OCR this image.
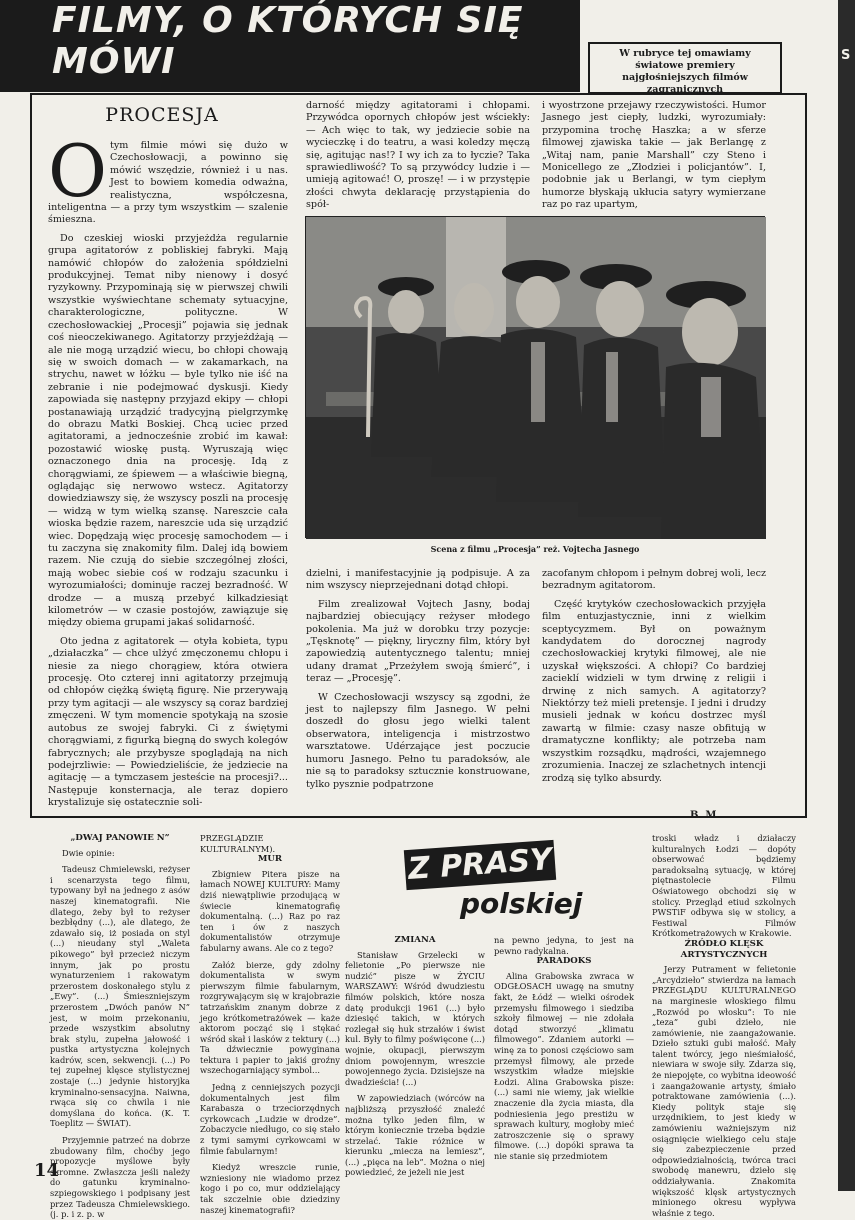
FILMY, O KTÓRYCH SIĘ MÓWI	W rubryce tej omawiamy światowe premiery najgłośniejszych filmów zagranicznych
S
PROCESJA
O tym filmie mówi się dużo w Czechosłowacji, a powinno się mówić wszędzie, również i u nas. Jest to bowiem komedia odważna, realistyczna, współczesna, inteligentna — a przy tym wszystkim — szalenie śmieszna.

Do czeskiej wioski przyjeżdża regularnie grupa agitatorów z pobliskiej fabryki. Mają namówić chłopów do założenia spółdzielni produkcyjnej. Temat niby nienowy i dosyć ryzykowny. Przypominają się w pierwszej chwili wszystkie wyświechtane schematy sytuacyjne, charakterologiczne, polityczne. W czechosłowackiej „Procesji” pojawia się jednak coś nieoczekiwanego. Agitatorzy przyjeżdżają — ale nie mogą urządzić wiecu, bo chłopi chowają się w swoich domach — w zakamarkach, na strychu, nawet w łóżku — byle tylko nie iść na zebranie i nie podejmować dyskusji. Kiedy zapowiada się następny przyjazd ekipy — chłopi postanawiają urządzić tradycyjną pielgrzymkę do obrazu Matki Boskiej. Chcą uciec przed agitatorami, a jednocześnie zrobić im kawał: pozostawić wioskę pustą. Wyruszają więc oznaczonego dnia na procesję. Idą z chorągwiami, ze śpiewem — a właściwie biegną, oglądając się nerwowo wstecz. Agitatorzy dowiedziawszy się, że wszyscy poszli na procesję — widzą w tym wielką szansę. Nareszcie cała wioska będzie razem, nareszcie uda się urządzić wiec. Dopędzają więc procesję samochodem — i tu zaczyna się znakomity film. Dalej idą bowiem razem. Nie czują do siebie szczególnej złości, mają wobec siebie coś w rodzaju szacunku i wyrozumiałości; dominuje raczej bezradność. W drodze — a muszą przebyć kilkadziesiąt kilometrów — w czasie postojów, zawiązuje się między obiema grupami jakaś solidarność.

Oto jedna z agitatorek — otyła kobieta, typu „działaczka” — chce ulżyć zmęczonemu chłopu i niesie za niego chorągiew, która otwiera procesję. Oto czterej inni agitatorzy przejmują od chłopów ciężką świętą figurę. Nie przerywają przy tym agitacji — ale wszyscy są coraz bardziej zmęczeni. W tym momencie spotykają na szosie autobus ze swojej fabryki. Ci z świętymi chorągwiami, z figurką biegną do swych kolegów fabrycznych; ale przybysze spoglądają na nich podejrzliwie: — Powiedzieliście, że jedziecie na agitację — a tymczasem jesteście na procesji?... Następuje konsternacja, ale teraz dopiero krystalizuje się ostatecznie soli-

darność między agitatorami i chłopami. Przywódca opornych chłopów jest wściekły: — Ach więc to tak, wy jedziecie sobie na wycieczkę i do teatru, a wasi koledzy męczą się, agitując nas!? I wy ich za to łyczie? Taka sprawiedliwość? To są przywódcy ludzie i — umieją agitować! O, proszę! — i w przystępie złości chwyta deklarację przystąpienia do spół-

i wyostrzone przejawy rzeczywistości. Humor Jasnego jest ciepły, ludzki, wyrozumiały: przypomina trochę Haszka; a w sferze filmowej zjawiska takie — jak Berlangę z „Witaj nam, panie Marshall” czy Steno i Monicellego ze „Złodziei i policjantów”. I, podobnie jak u Berlangi, w tym ciepłym humorze błyskają ukłucia satyry wymierzane raz po raz upartym,

Scena z filmu „Procesja” reż. Vojtecha Jasnego

dzielni, i manifestacyjnie ją podpisuje. A za nim wszyscy nieprzejednani dotąd chłopi.

Film zrealizował Vojtech Jasny, bodaj najbardziej obiecujący reżyser młodego pokolenia. Ma już w dorobku trzy pozycje: „Tęsknotę” — piękny, liryczny film, który był zapowiedzią autentycznego talentu; mniej udany dramat „Przeżyłem swoją śmierć”, i teraz — „Procesję”.

W Czechosłowacji wszyscy są zgodni, że jest to najlepszy film Jasnego. W pełni doszedł do głosu jego wielki talent obserwatora, inteligencja i mistrzostwo warsztatowe. Udérzające jest poczucie humoru Jasnego. Pełno tu paradoksów, ale nie są to paradoksy sztucznie konstruowane, tylko pysznie podpatrzone

zacofanym chłopom i pełnym dobrej woli, lecz bezradnym agitatorom.

Część krytyków czechosłowackich przyjęła film entuzjastycznie, inni z wielkim sceptycyzmem. Był on poważnym kandydatem do dorocznej nagrody czechosłowackiej krytyki filmowej, ale nie uzyskał większości. A chłopi? Co bardziej zacieklí widzieli w tym drwinę z religii i drwinę z nich samych. A agitatorzy? Niektórzy też mieli pretensje. I jedni i drudzy musieli jednak w końcu dostrzec myśl zawartą w filmie: czasy nasze obfitują w dramatyczne konflikty; ale potrzeba nam wszystkim rozsądku, mądrości, wzajemnego zrozumienia. Inaczej ze szlachetnych intencji zrodzą się tylko absurdy.

B. M.
Z PRASY
polskiej
„DWAJ PANOWIE N”

Dwie opinie:

Tadeusz Chmielewski, reżyser i scenarzysta tego filmu, typowany był na jednego z asów naszej kinematografii. Nie dlatego, żeby był to reżyser bezbłędny (...), ale dlatego, że zdawało się, iż posiada on styl (...) nieudany styl „Waleta pikowego” był przecież niczym innym, jak po prostu wynaturzeniem i rakowatym przerostem doskonałego stylu z „Ewy”. (...) Śmieszniejszym przerostem „Dwóch panów N” jest, w moim przekonaniu, przede wszystkim absolutny brak stylu, zupełna jałowość i pustka artystyczna kolejnych kadrów, scen, sekwencji. (...) Po tej zupełnej klęsce stylistycznej zostaje (...) jedynie historyjka kryminalno-sensacyjna. Naiwna, rwąca się co chwila i nie domyślana do końca. (K. T. Toeplitz — ŚWIAT).

Przyjemnie patrzeć na dobrze zbudowany film, choćby jego propozycje myślowe były skromne. Zwłaszcza jeśli należy do gatunku kryminalno-szpiegowskiego i podpisany jest przez Tadeusza Chmielewskiego. (j. p. i z. p. w

PRZEGLĄDZIE KULTURALNYM).

MUR

Zbigniew Pitera pisze na łamach NOWEJ KULTURY: Mamy dziś niewątpliwie przodującą w świecie kinematografię dokumentalną. (...) Raz po raz ten i ów z naszych dokumentalistów otrzymuje fabularny awans. Ale co z tego?

Załóż bierze, gdy zdolny dokumentalista w swym pierwszym filmie fabularnym, rozgrywającym się w krajobrazie tatrzańskim znanym dobrze z jego krótkometrażówek — każe aktorom począć się i stękać wśród skał i lasków z tektury (...) Ta dźwiecznie powyginana tektura i papier to jakiś groźny wszechogarniający symbol...

Jedną z cenniejszych pozycji dokumentalnych jest film Karabasza o trzeciorzędnych cyrkowcach „Ludzie w drodze”. Zobaczycie niedługo, co się stało z tymi samymi cyrkowcami w filmie fabularnym!

Kiedyż wreszcie runie, wzniesiony nie wiadomo przez kogo i po co, mur oddzielający tak szczelnie obie dziedziny naszej kinematografii?

ZMIANA

Stanisław Grzelecki w felietonie „Po pierwsze nie nudzić” pisze w ŻYCIU WARSZAWY: Wśród dwudziestu filmów polskich, które nosza datę produkcji 1961 (...) było dziesięć takich, w których rozlegał się huk strzałów i świst kul. Były to filmy poświęcone (...) wojnie, okupacji, pierwszym dniom powojennym, wreszcie powojennego życia. Dzisiejsze na dwadzieścia! (...)

W zapowiedziach (wórców na najbliższą przyszłość znaleźć można tylko jeden film, w którym koniecznie trzeba będzie strzelać. Takie różnice w kierunku „miecza na lemiesz”, (...) „pięca na leb”. Można o niej powiedzieć, że jeżeli nie jest

na pewno jedyna, to jest na pewno radykalna.

PARADOKS

Alina Grabowska zwraca w ODGŁOSACH uwagę na smutny fakt, że Łódź — wielki ośrodek przemysłu filmowego i siedziba szkoły filmowej — nie zdołała dotąd stworzyć „klimatu filmowego”. Zdaniem autorki — winę za to ponosi częściowo sam przemysł filmowy, ale przede wszystkim władze miejskie Łodzi. Alina Grabowska pisze: (...) sami nie wiemy, jak wielkie znaczenie dla życia miasta, dla podniesienia jego prestiżu w sprawach kultury, mogłoby mieć zatroszczenie się o sprawy filmowe. (...) dopóki sprawa ta nie stanie się przedmiotem

troski władz i działaczy kulturalnych Łodzi — dopóty obserwować będziemy paradoksalną sytuację, w której piętnastolecie Filmu Oświatowego obchodzi się w stolicy. Przegląd etiud szkolnych PWSTiF odbywa się w stolicy, a Festiwal Filmów Krótkometrażowych w Krakowie.

ŹRÓDŁO KLĘSK ARTYSTYCZNYCH

Jerzy Putrament w felietonie „Arcydzieło” stwierdza na łamach PRZEGLĄDU KULTURALNEGO na marginesie włoskiego filmu „Rozwód po włosku”: To nie „teza” gubi dzieło, nie zamówienie, nie zaangażowanie. Dzieło sztuki gubi małość. Mały talent twórcy, jego nieśmiałość, niewiara w swoje siły. Zdarza się, że niepojęte, co wybitna ideowość i zaangażowanie artysty, śmiało potraktowane zamówienia (...). Kiedy polityk staje się urzędnikiem, to jest kiedy w zamówieniu ważniejszym niż osiągnięcie wielkiego celu staje się zabezpieczenie przed odpowiedzialnością, twórca traci swobodę manewru, dzieło się oddziaływania. Znakomita większość klęsk artystycznych minionego okresu wypływa właśnie z tego.

14
